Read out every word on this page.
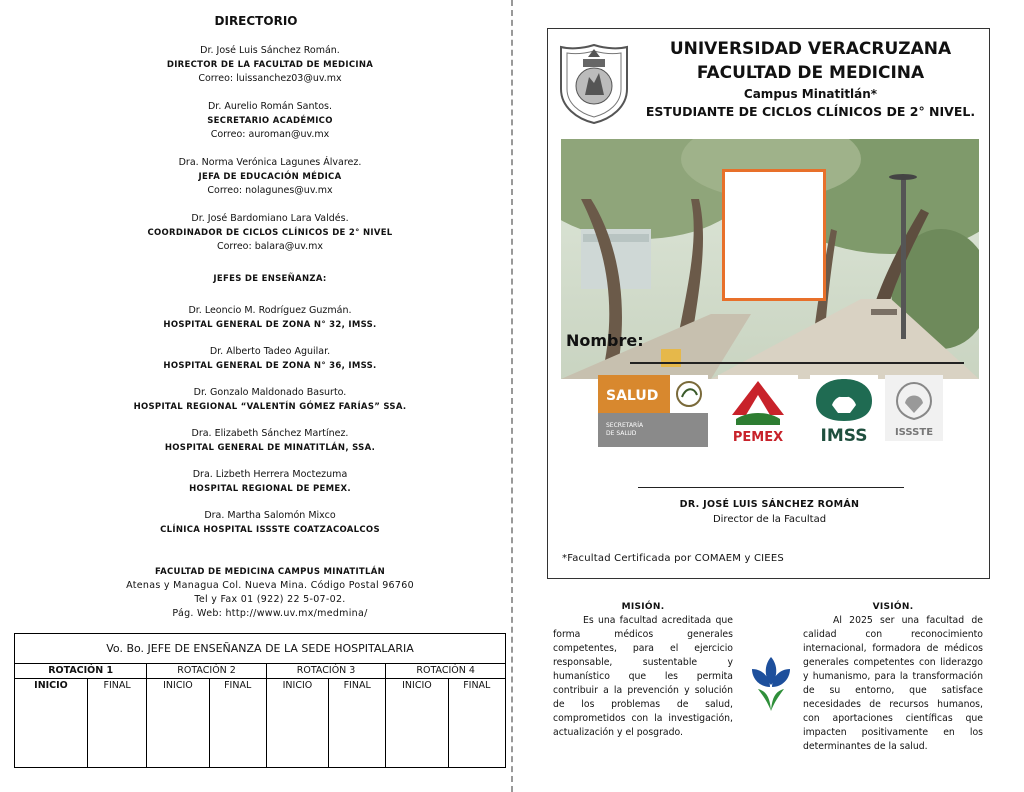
DIRECTORIO
Dr. José Luis Sánchez Román.
DIRECTOR DE LA FACULTAD DE MEDICINA
Correo: luissanchez03@uv.mx
Dr. Aurelio Román Santos.
SECRETARIO ACADÉMICO
Correo: auroman@uv.mx
Dra. Norma Verónica Lagunes Álvarez.
JEFA DE EDUCACIÓN MÉDICA
Correo: nolagunes@uv.mx
Dr. José Bardomiano Lara Valdés.
COORDINADOR DE CICLOS CLÍNICOS DE 2° NIVEL
Correo: balara@uv.mx
JEFES DE ENSEÑANZA:
Dr. Leoncio M. Rodríguez Guzmán.
HOSPITAL GENERAL DE ZONA N° 32, IMSS.
Dr. Alberto Tadeo Aguilar.
HOSPITAL GENERAL DE ZONA N° 36, IMSS.
Dr. Gonzalo Maldonado Basurto.
HOSPITAL REGIONAL “VALENTÍN GÓMEZ FARÍAS” SSA.
Dra. Elizabeth Sánchez Martínez.
HOSPITAL GENERAL DE MINATITLÁN, SSA.
Dra. Lizbeth Herrera Moctezuma
HOSPITAL REGIONAL DE PEMEX.
Dra. Martha Salomón Mixco
CLÍNICA HOSPITAL ISSSTE COATZACOALCOS
FACULTAD DE MEDICINA CAMPUS MINATITLÁN
Atenas y Managua Col. Nueva Mina. Código Postal 96760
Tel y Fax 01 (922) 22 5-07-02.
Pág. Web: http://www.uv.mx/medmina/
Vo. Bo. JEFE DE ENSEÑANZA DE LA SEDE HOSPITALARIA							
ROTACIÓN 1		ROTACIÓN 2		ROTACIÓN 3		ROTACIÓN 4	
INICIO	FINAL	INICIO	FINAL	INICIO	FINAL	INICIO	FINAL

UNIVERSIDAD VERACRUZANA
FACULTAD DE MEDICINA
Campus Minatitlán*
ESTUDIANTE DE CICLOS CLÍNICOS DE 2° NIVEL.
Nombre:
SALUD
SECRETARÍA
DE SALUD	PEMEX IMSS	ISSSTE
DR. JOSÉ LUIS SÁNCHEZ ROMÁN
Director de la Facultad
*Facultad Certificada por COMAEM y CIEES
MISIÓN.
Es una facultad acreditada que forma médicos generales competentes, para el ejercicio responsable, sustentable y humanístico que les permita contribuir a la prevención y solución de los problemas de salud, comprometidos con la investigación, actualización y el posgrado.
VISIÓN.
Al 2025 ser una facultad de calidad con reconocimiento internacional, formadora de médicos generales competentes con liderazgo y humanismo, para la transformación de su entorno, que satisface necesidades de recursos humanos, con aportaciones científicas que impacten positivamente en los determinantes de la salud.
